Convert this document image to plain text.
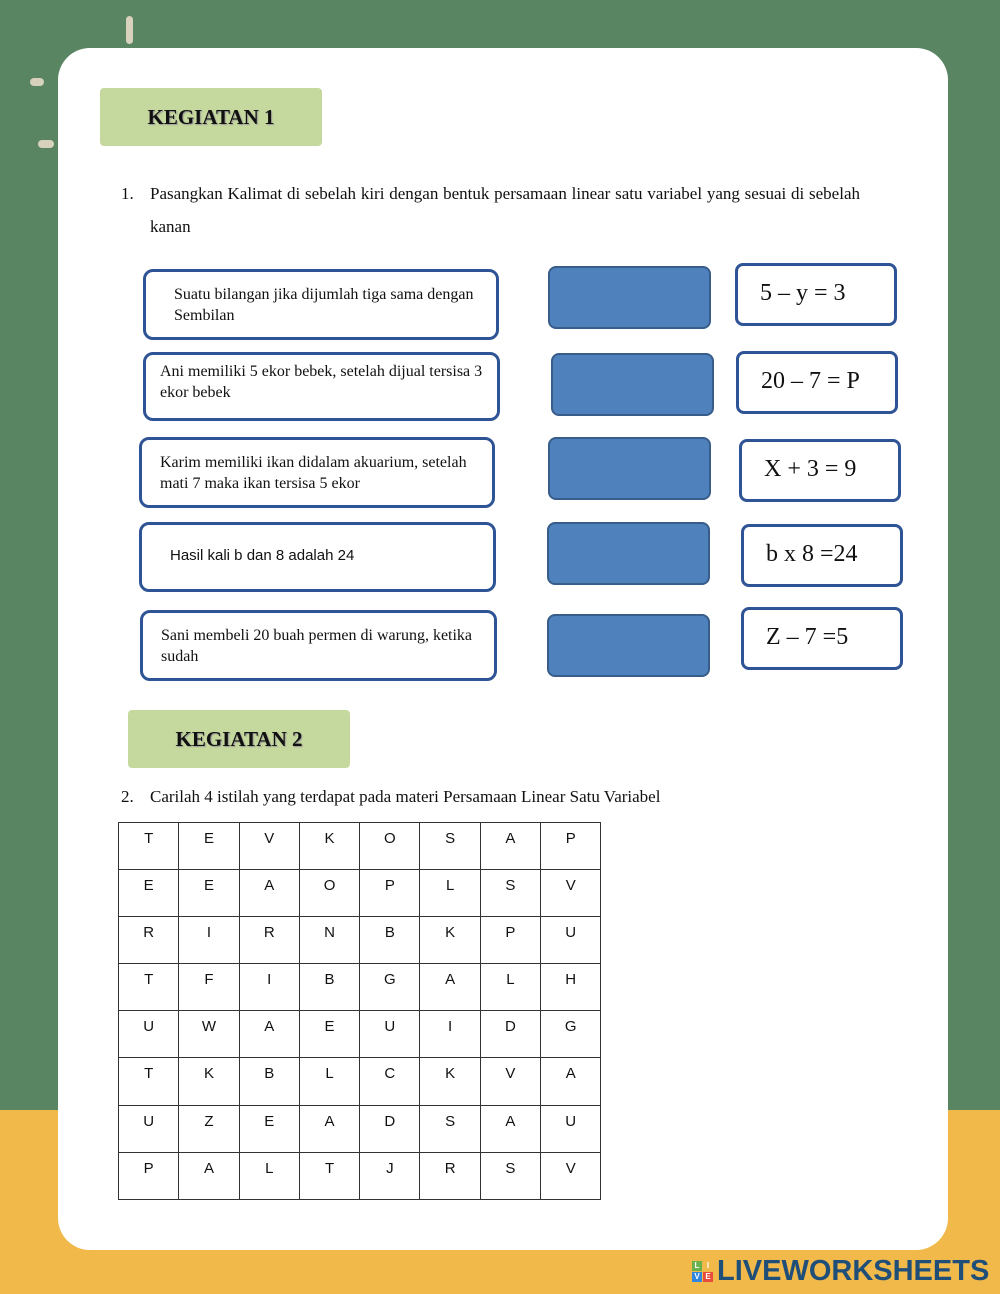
KEGIATAN 1
1. Pasangkan Kalimat di sebelah kiri dengan bentuk persamaan linear satu variabel yang sesuai di sebelah kanan
Suatu bilangan jika dijumlah tiga sama dengan Sembilan
Ani memiliki 5 ekor bebek, setelah dijual tersisa 3 ekor bebek
Karim memiliki ikan didalam akuarium, setelah mati 7 maka ikan tersisa 5 ekor
Hasil kali b dan 8 adalah 24
Sani membeli 20 buah permen di warung, ketika sudah
5 – y = 3
20 – 7 = P
X + 3 = 9
b x 8 =24
Z – 7 =5
KEGIATAN 2
2. Carilah 4 istilah yang terdapat pada materi Persamaan Linear Satu Variabel
T	E	V	K	O	S	A	P
E	E	A	O	P	L	S	V
R	I	R	N	B	K	P	U
T	F	I	B	G	A	L	H
U	W	A	E	U	I	D	G
T	K	B	L	C	K	V	A
U	Z	E	A	D	S	A	U
P	A	L	T	J	R	S	V
L I
V E LIVEWORKSHEETS
